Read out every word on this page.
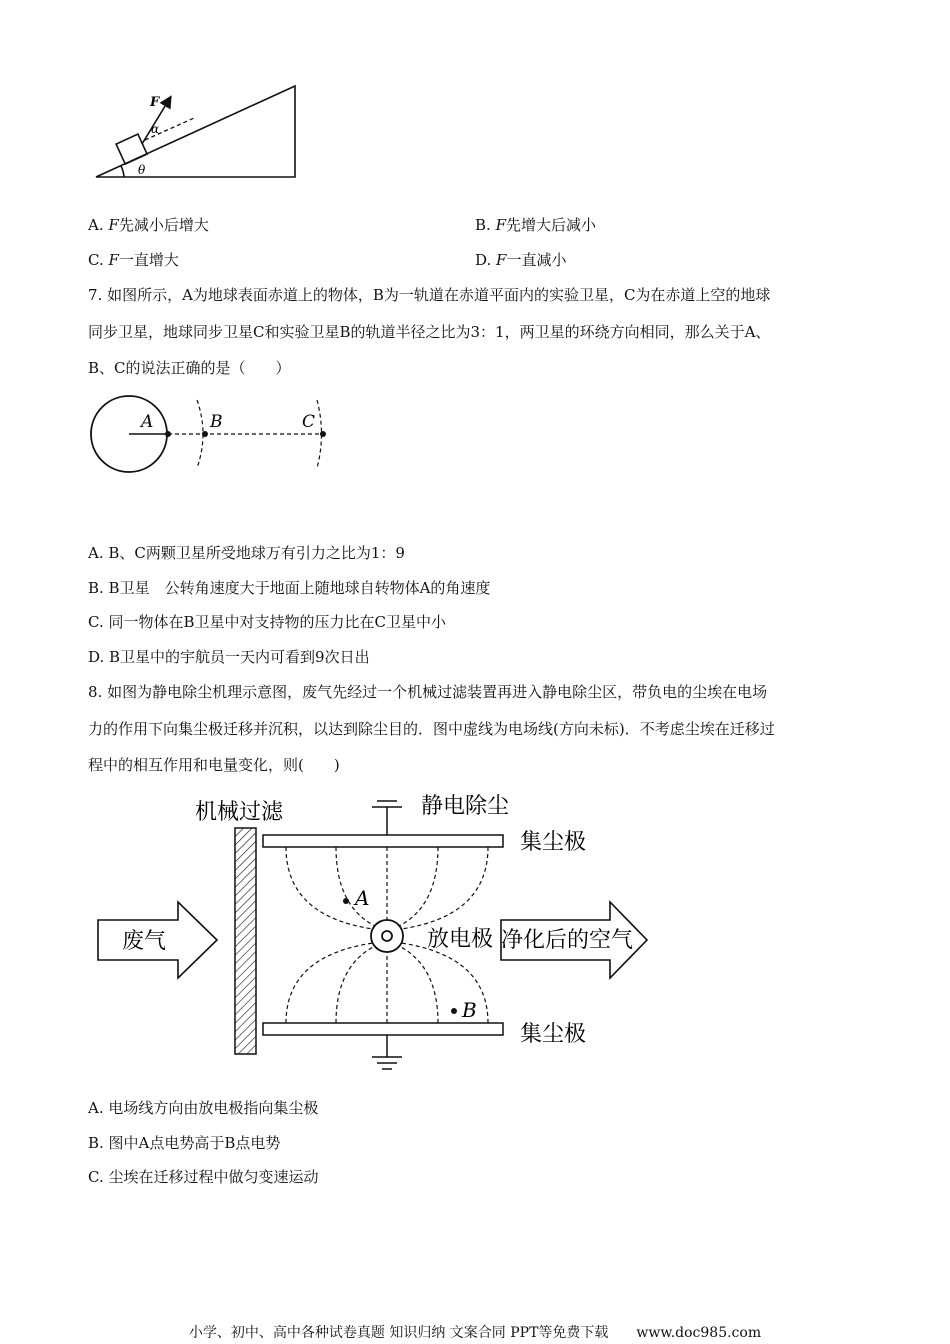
F
α
θ
A. F先减小后增大	B. F先增大后减小
C. F一直增大	D. F一直减小
7. 如图所示，A为地球表面赤道上的物体，B为一轨道在赤道平面内的实验卫星，C为在赤道上空的地球
同步卫星，地球同步卫星C和实验卫星B的轨道半径之比为3：1，两卫星的环绕方向相同，那么关于A、
B、C的说法正确的是（　　）
A	B	C
A. B、C两颗卫星所受地球万有引力之比为1：9
B. B卫星　公转角速度大于地面上随地球自转物体A的角速度
C. 同一物体在B卫星中对支持物的压力比在C卫星中小
D. B卫星中的宇航员一天内可看到9次日出
8. 如图为静电除尘机理示意图，废气先经过一个机械过滤装置再进入静电除尘区，带负电的尘埃在电场
力的作用下向集尘极迁移并沉积，以达到除尘目的．图中虚线为电场线(方向未标)．不考虑尘埃在迁移过
程中的相互作用和电量变化，则(　　)
机械过滤	静电除尘
集尘极
集尘极
废气	放电极 净化后的空气
A
B
A. 电场线方向由放电极指向集尘极
B. 图中A点电势高于B点电势
C. 尘埃在迁移过程中做匀变速运动
小学、初中、高中各种试卷真题 知识归纳 文案合同 PPT等免费下载　　www.doc985.com
